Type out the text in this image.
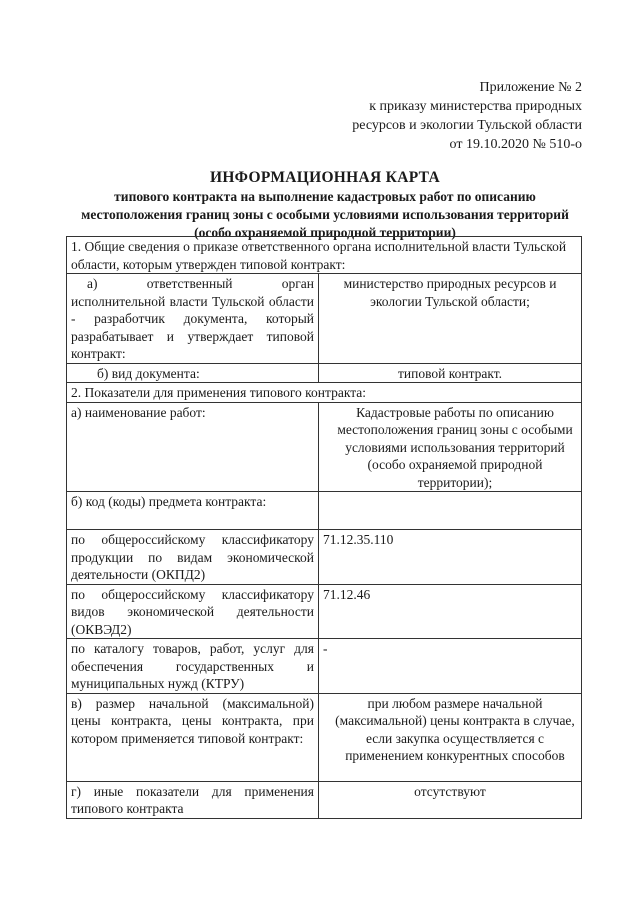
Приложение № 2
к приказу министерства природных
ресурсов и экологии Тульской области
от 19.10.2020 № 510-о
ИНФОРМАЦИОННАЯ КАРТА
типового контракта на выполнение кадастровых работ по описанию местоположения границ зоны с особыми условиями использования территорий (особо охраняемой природной территории)
1. Общие сведения о приказе ответственного органа исполнительной власти Тульской области, которым утвержден типовой контракт:	
а) ответственный орган исполнительной власти Тульской области - разработчик документа, который разрабатывает и утверждает типовой контракт:	министерство природных ресурсов и экологии Тульской области;
б) вид документа:	типовой контракт.
2. Показатели для применения типового контракта:	
а) наименование работ:	Кадастровые работы по описанию местоположения границ зоны с особыми условиями использования территорий (особо охраняемой природной территории);
б) код (коды) предмета контракта:	
по общероссийскому классификатору продукции по видам экономической деятельности (ОКПД2)	71.12.35.110
по общероссийскому классификатору видов экономической деятельности (ОКВЭД2)	71.12.46
по каталогу товаров, работ, услуг для обеспечения государственных и муниципальных нужд (КТРУ)	-
в) размер начальной (максимальной) цены контракта, цены контракта, при котором применяется типовой контракт:	при любом размере начальной (максимальной) цены контракта в случае, если закупка осуществляется с применением конкурентных способов
г) иные показатели для применения типового контракта	отсутствуют
